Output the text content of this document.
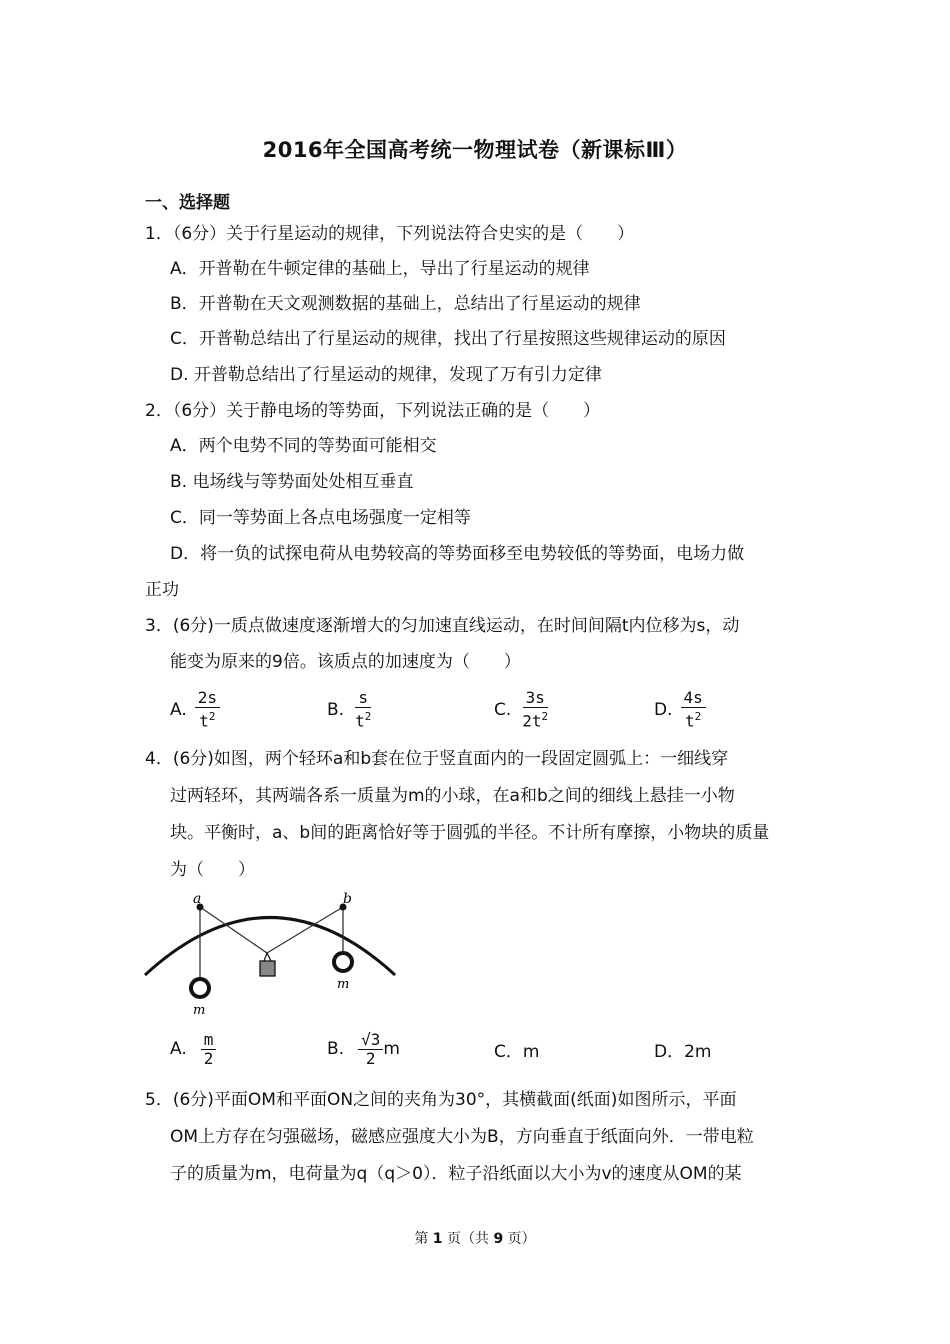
2016年全国高考统一物理试卷（新课标Ⅲ）
一、选择题
1．（6分）关于行星运动的规律，下列说法符合史实的是（　　）
A．开普勒在牛顿定律的基础上，导出了行星运动的规律
B．开普勒在天文观测数据的基础上，总结出了行星运动的规律
C．开普勒总结出了行星运动的规律，找出了行星按照这些规律运动的原因
D. 开普勒总结出了行星运动的规律，发现了万有引力定律
2．（6分）关于静电场的等势面，下列说法正确的是（　　）
A．两个电势不同的等势面可能相交
B. 电场线与等势面处处相互垂直
C．同一等势面上各点电场强度一定相等
D．将一负的试探电荷从电势较高的等势面移至电势较低的等势面，电场力做
正功
3．(6分)一质点做速度逐渐增大的匀加速直线运动，在时间间隔t内位移为s，动
能变为原来的9倍。该质点的加速度为（　　）
A. $\frac{2s}{t^2}$	B. $\frac{s}{t^2}$	C. $\frac{3s}{2t^2}$	D. $\frac{4s}{t^2}$
4．(6分)如图，两个轻环a和b套在位于竖直面内的一段固定圆弧上：一细线穿
过两轻环，其两端各系一质量为m的小球，在a和b之间的细线上悬挂一小物
块。平衡时，a、b间的距离恰好等于圆弧的半径。不计所有摩擦，小物块的质量
为（　　）
a	b
m
m
A. $\frac{m}{2}$	B. $\frac{√3}{2}$ m	C．m	D．2m
5．(6分)平面OM和平面ON之间的夹角为30°，其横截面(纸面)如图所示，平面
OM上方存在匀强磁场，磁感应强度大小为B，方向垂直于纸面向外．一带电粒
子的质量为m，电荷量为q（q＞0）．粒子沿纸面以大小为v的速度从OM的某
第 1 页（共 9 页）
